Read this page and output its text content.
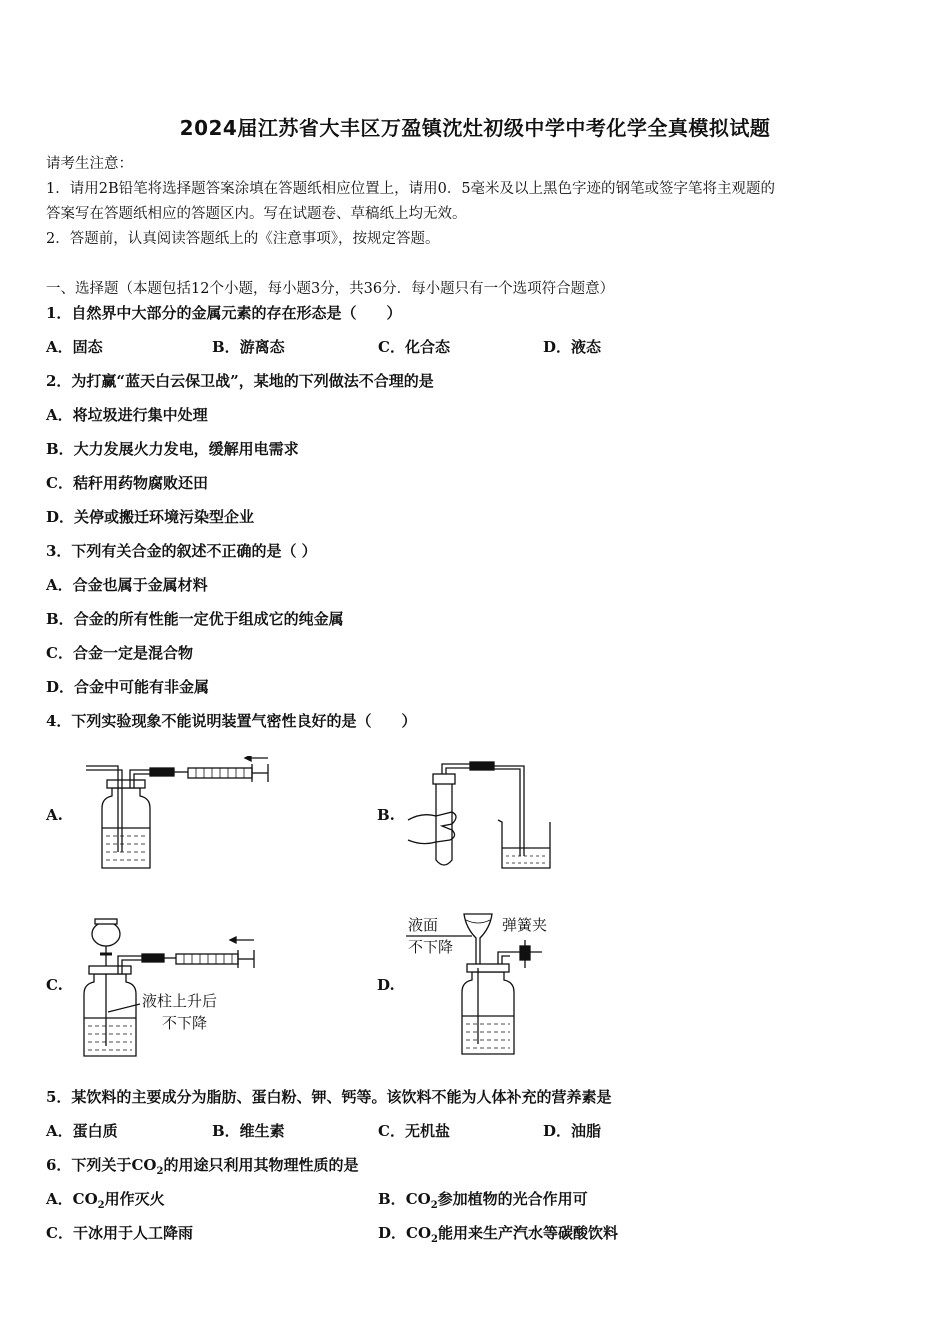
2024届江苏省大丰区万盈镇沈灶初级中学中考化学全真模拟试题
请考生注意：
1．请用2B铅笔将选择题答案涂填在答题纸相应位置上，请用0．5毫米及以上黑色字迹的钢笔或签字笔将主观题的
答案写在答题纸相应的答题区内。写在试题卷、草稿纸上均无效。
2．答题前，认真阅读答题纸上的《注意事项》，按规定答题。
一、选择题（本题包括12个小题，每小题3分，共36分．每小题只有一个选项符合题意）
1．自然界中大部分的金属元素的存在形态是（　　）
A．固态	B．游离态	C．化合态	D．液态
2．为打赢“蓝天白云保卫战”，某地的下列做法不合理的是
A．将垃圾进行集中处理
B．大力发展火力发电，缓解用电需求
C．秸秆用药物腐败还田
D．关停或搬迁环境污染型企业
3．下列有关合金的叙述不正确的是（ ）
A．合金也属于金属材料
B．合金的所有性能一定优于组成它的纯金属
C．合金一定是混合物
D．合金中可能有非金属
4．下列实验现象不能说明装置气密性良好的是（　　）
A.	B.
C.	D.
液柱上升后
不下降
液面
不下降
弹簧夹
5．某饮料的主要成分为脂肪、蛋白粉、钾、钙等。该饮料不能为人体补充的营养素是
A．蛋白质	B．维生素	C．无机盐	D．油脂
6．下列关于$CO_2$的用途只利用其物理性质的是
A．$CO_2$用作灭火	B．$CO_2$参加植物的光合作用可
C．干冰用于人工降雨	D．$CO_2$能用来生产汽水等碳酸饮料
